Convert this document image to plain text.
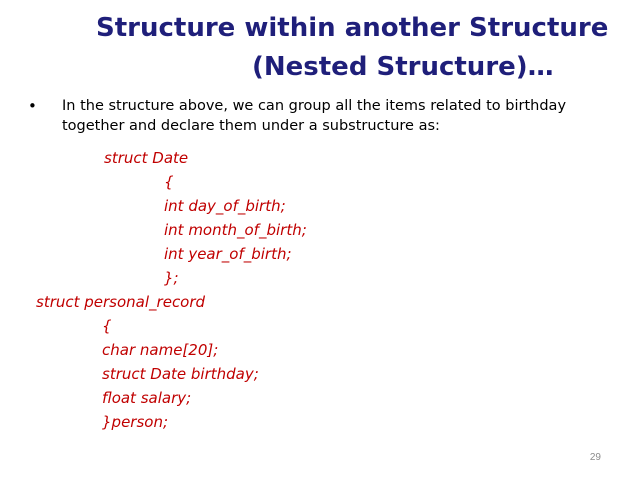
Structure within another Structure
(Nested Structure)…
• In the structure above, we can group all the items related to birthday
together and declare them under a substructure as:
struct Date
{
int day_of_birth;
int month_of_birth;
int year_of_birth;
};
struct personal_record
{
char name[20];
struct Date birthday;
float salary;
}person;
29
